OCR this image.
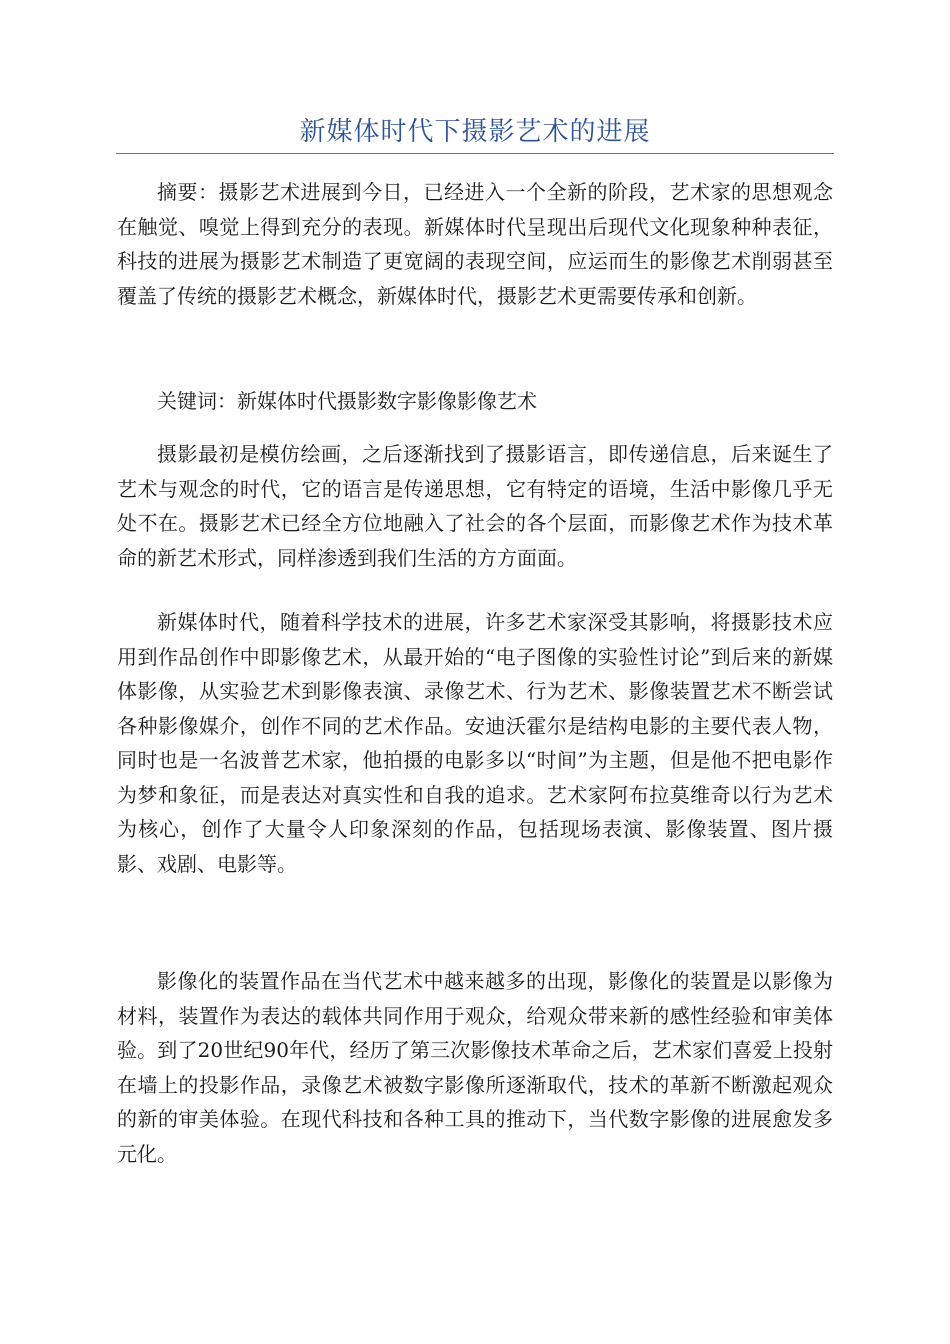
新媒体时代下摄影艺术的进展

摘要：摄影艺术进展到今日，已经进入一个全新的阶段，艺术家的思想观念在触觉、嗅觉上得到充分的表现。新媒体时代呈现出后现代文化现象种种表征，科技的进展为摄影艺术制造了更宽阔的表现空间，应运而生的影像艺术削弱甚至覆盖了传统的摄影艺术概念，新媒体时代，摄影艺术更需要传承和创新。

关键词：新媒体时代摄影数字影像影像艺术

摄影最初是模仿绘画，之后逐渐找到了摄影语言，即传递信息，后来诞生了艺术与观念的时代，它的语言是传递思想，它有特定的语境，生活中影像几乎无处不在。摄影艺术已经全方位地融入了社会的各个层面，而影像艺术作为技术革命的新艺术形式，同样渗透到我们生活的方方面面。

新媒体时代，随着科学技术的进展，许多艺术家深受其影响，将摄影技术应用到作品创作中即影像艺术，从最开始的“电子图像的实验性讨论”到后来的新媒体影像，从实验艺术到影像表演、录像艺术、行为艺术、影像装置艺术不断尝试各种影像媒介，创作不同的艺术作品。安迪沃霍尔是结构电影的主要代表人物，同时也是一名波普艺术家，他拍摄的电影多以“时间”为主题，但是他不把电影作为梦和象征，而是表达对真实性和自我的追求。艺术家阿布拉莫维奇以行为艺术为核心，创作了大量令人印象深刻的作品，包括现场表演、影像装置、图片摄影、戏剧、电影等。

影像化的装置作品在当代艺术中越来越多的出现，影像化的装置是以影像为材料，装置作为表达的载体共同作用于观众，给观众带来新的感性经验和审美体验。到了20世纪90年代，经历了第三次影像技术革命之后，艺术家们喜爱上投射在墙上的投影作品，录像艺术被数字影像所逐渐取代，技术的革新不断激起观众的新的审美体验。在现代科技和各种工具的推动下，当代数字影像的进展愈发多元化。
